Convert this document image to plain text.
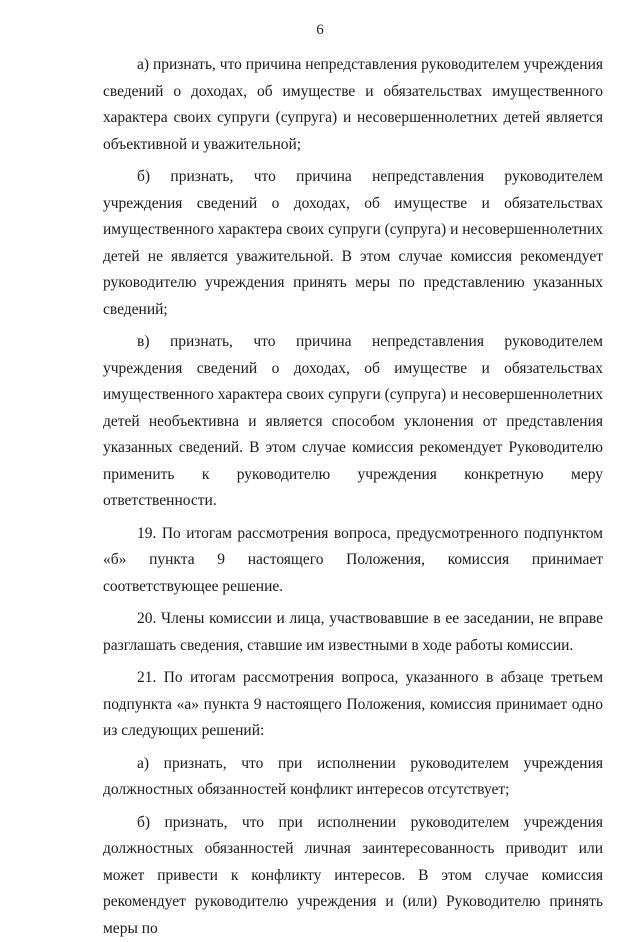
6

а) признать, что причина непредставления руководителем учреждения сведений о доходах, об имуществе и обязательствах имущественного характера своих супруги (супруга) и несовершеннолетних детей является объективной и уважительной;

б) признать, что причина непредставления руководителем учреждения сведений о доходах, об имуществе и обязательствах имущественного характера своих супруги (супруга) и несовершеннолетних детей не является уважительной. В этом случае комиссия рекомендует руководителю учреждения принять меры по представлению указанных сведений;

в) признать, что причина непредставления руководителем учреждения сведений о доходах, об имуществе и обязательствах имущественного характера своих супруги (супруга) и несовершеннолетних детей необъективна и является способом уклонения от представления указанных сведений. В этом случае комиссия рекомендует Руководителю применить к руководителю учреждения конкретную меру ответственности.

19. По итогам рассмотрения вопроса, предусмотренного подпунктом «б» пункта 9 настоящего Положения, комиссия принимает соответствующее решение.

20. Члены комиссии и лица, участвовавшие в ее заседании, не вправе разглашать сведения, ставшие им известными в ходе работы комиссии.

21. По итогам рассмотрения вопроса, указанного в абзаце третьем подпункта «а» пункта 9 настоящего Положения, комиссия принимает одно из следующих решений:

а) признать, что при исполнении руководителем учреждения должностных обязанностей конфликт интересов отсутствует;

б) признать, что при исполнении руководителем учреждения должностных обязанностей личная заинтересованность приводит или может привести к конфликту интересов. В этом случае комиссия рекомендует руководителю учреждения и (или) Руководителю принять меры по
